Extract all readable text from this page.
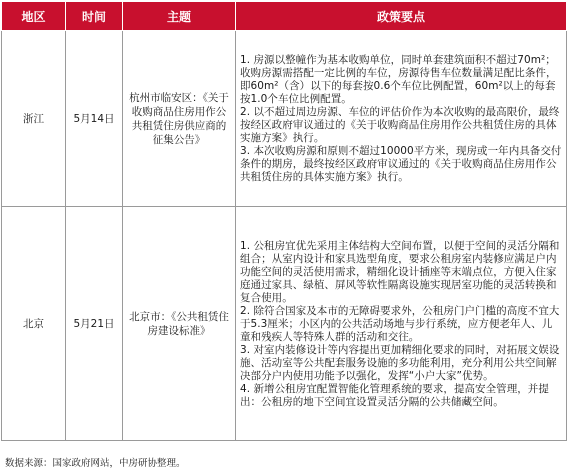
地区	时间	主题	政策要点
浙江	5月14日	杭州市临安区：《关于收购商品住房用作公共租赁住房供应商的征集公告》	1. 房源以整幢作为基本收购单位，同时单套建筑面积不超过70m²；收购房源需搭配一定比例的车位，房源待售车位数量满足配比条件，即60m²（含）以下的每套按0.6个车位比例配置，60m²以上的每套按1.0个车位比例配置。

2. 以不超过周边房源、车位的评估价作为本次收购的最高限价，最终按经区政府审议通过的《关于收购商品住房用作公共租赁住房的具体实施方案》执行。

3. 本次收购房源和原则不超过10000平方米，现房或一年内具备交付条件的期房，最终按经区政府审议通过的《关于收购商品住房用作公共租赁住房的具体实施方案》执行。

北京	5月21日	北京市：《公共租赁住房建设标准》	1. 公租房宜优先采用主体结构大空间布置，以便于空间的灵活分隔和组合；从室内设计和家具选型角度，要求公租房室内装修应满足户内功能空间的灵活使用需求，精细化设计插座等末端点位，方便入住家庭通过家具、绿植、屏风等软性隔离设施实现居室功能的灵活转换和复合使用。

2. 除符合国家及本市的无障碍要求外，公租房门户门槛的高度不宜大于5.3厘米；小区内的公共活动场地与步行系统，应方便老年人、儿童和残疾人等特殊人群的活动和交往。

3. 对室内装修设计等内容提出更加精细化要求的同时，对拓展文娱设施、活动室等公共配套服务设施的多功能利用，充分利用公共空间解决部分户内使用功能予以强化，发挥“小户大家”优势。

4. 新增公租房宜配置智能化管理系统的要求，提高安全管理，并提出：公租房的地下空间宜设置灵活分隔的公共储藏空间。

数据来源：国家政府网站，中房研协整理。
